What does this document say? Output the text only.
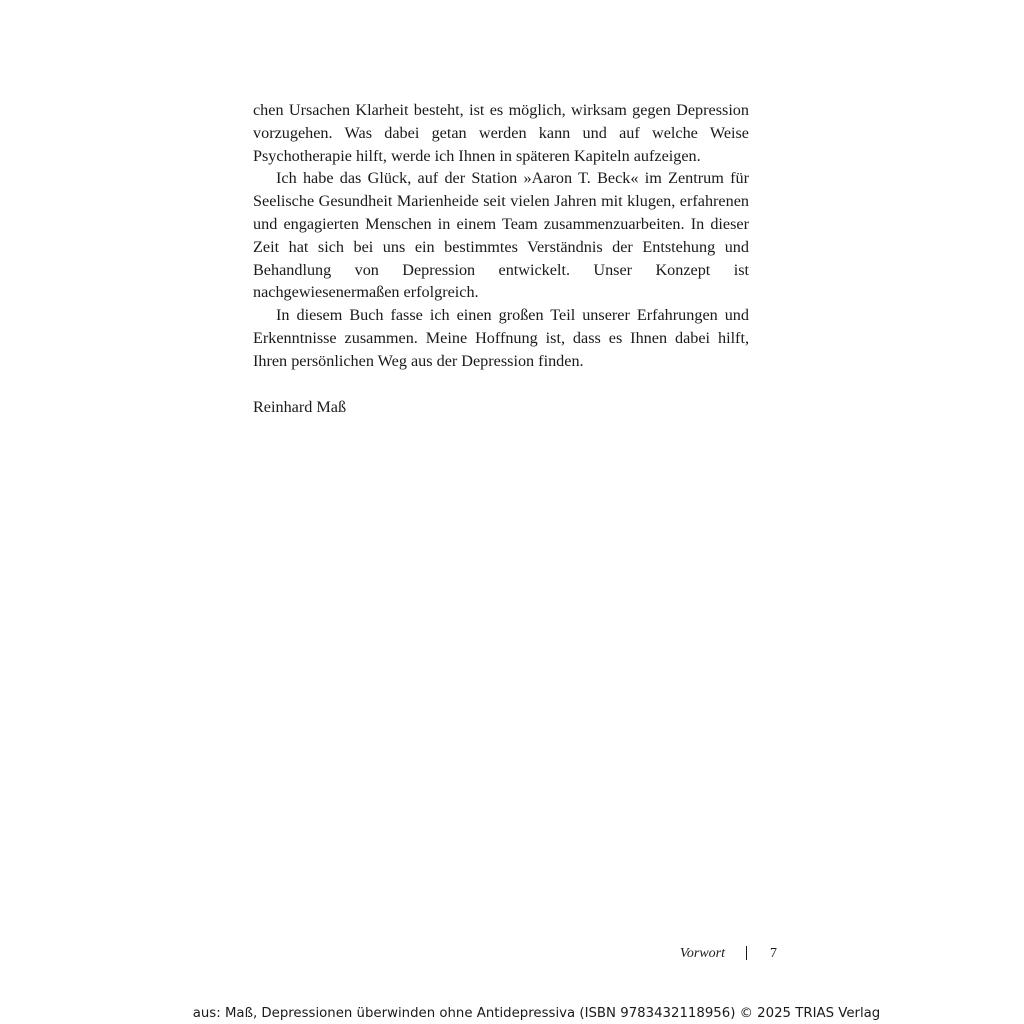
chen Ursachen Klarheit besteht, ist es möglich, wirksam gegen Depression vorzugehen. Was dabei getan werden kann und auf welche Weise Psychotherapie hilft, werde ich Ihnen in späteren Kapiteln aufzeigen.

Ich habe das Glück, auf der Station »Aaron T. Beck« im Zentrum für Seelische Gesundheit Marienheide seit vielen Jahren mit klugen, erfahrenen und engagierten Menschen in einem Team zusammenzuarbeiten. In dieser Zeit hat sich bei uns ein bestimmtes Verständnis der Entstehung und Behandlung von Depression entwickelt. Unser Konzept ist nachgewiesenermaßen erfolgreich.

In diesem Buch fasse ich einen großen Teil unserer Erfahrungen und Erkenntnisse zusammen. Meine Hoffnung ist, dass es Ihnen dabei hilft, Ihren persönlichen Weg aus der Depression finden.

Reinhard Maß

Vorwort	7
aus: Maß, Depressionen überwinden ohne Antidepressiva (ISBN 9783432118956) © 2025 TRIAS Verlag
